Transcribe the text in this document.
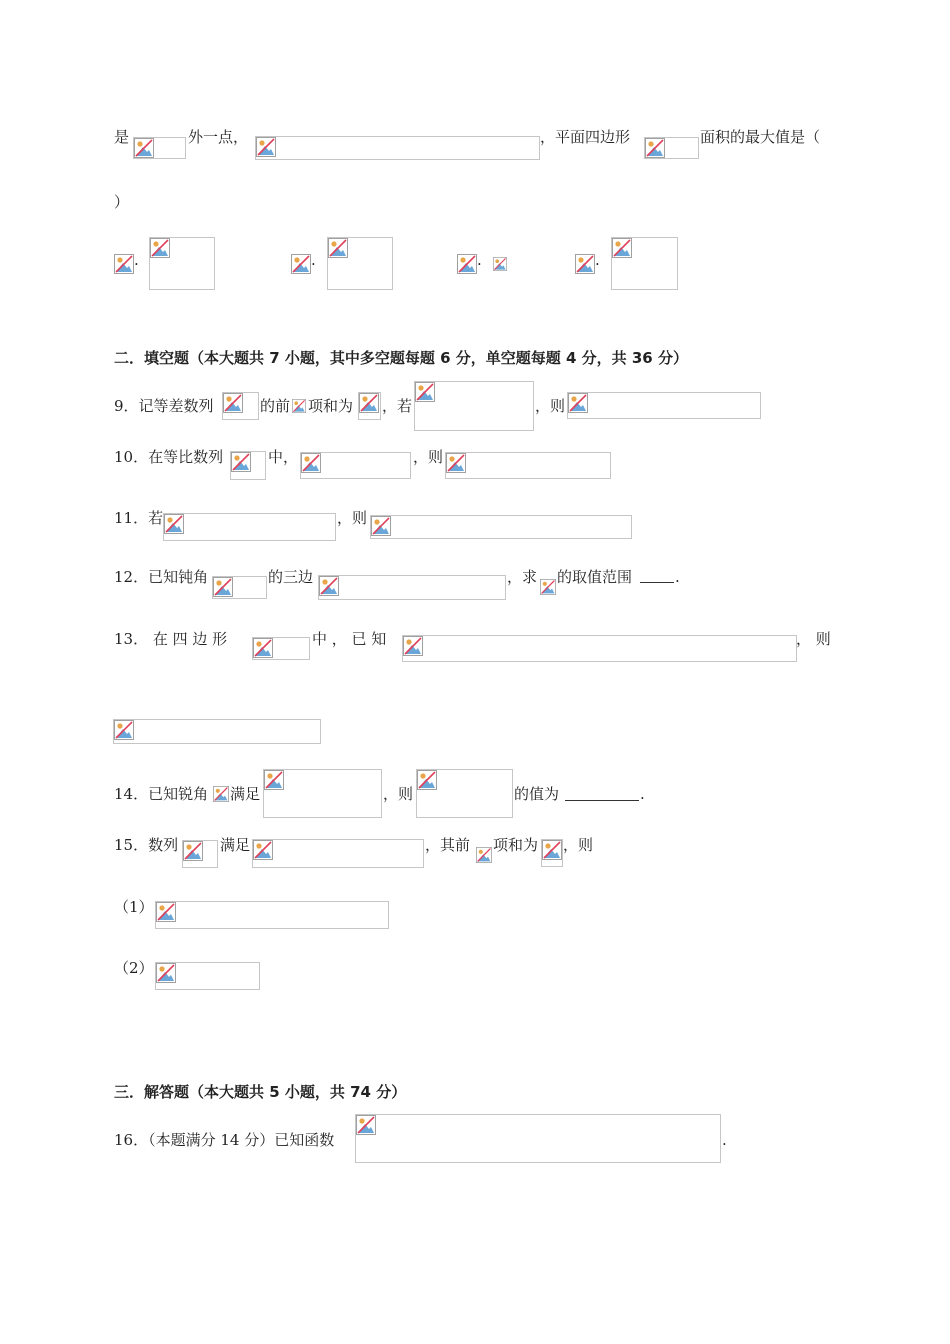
是	外一点，	，平面四边形	面积的最大值是（
）
.	.	.	.
二．填空题（本大题共 7 小题，其中多空题每题 6 分，单空题每题 4 分，共 36 分）
9．记等差数列	的前 项和为 ，若	，则
10．在等比数列	中，	，则
11．若	，则
12．已知钝角	的三边	，求 的取值范围	.
13． 在 四 边 形	中 ， 已 知	， 则
14．已知锐角 满足	，则	的值为	.
15．数列	满足	，其前 项和为 ，则
（1）
（2）
三．解答题（本大题共 5 小题，共 74 分）
16．（本题满分 14 分）已知函数	.
